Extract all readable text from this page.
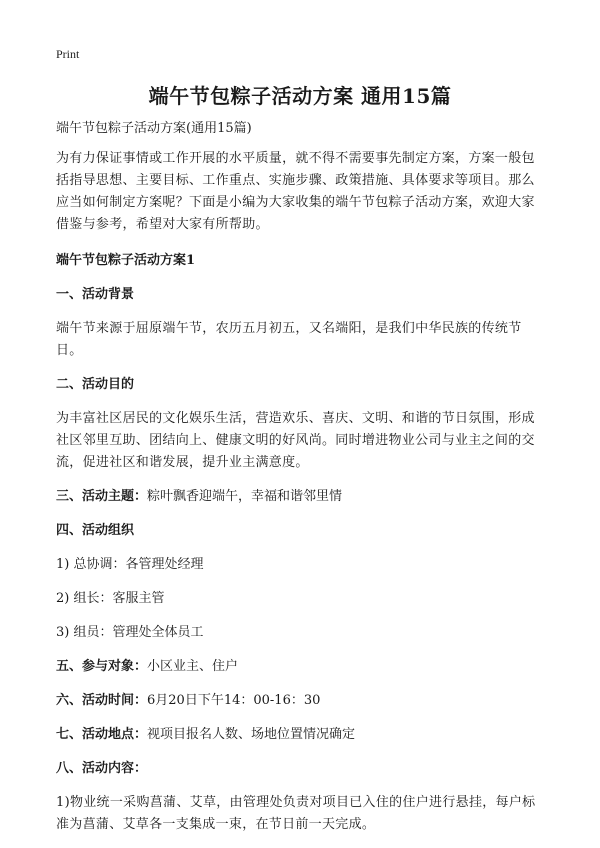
Print
端午节包粽子活动方案 通用15篇

端午节包粽子活动方案(通用15篇)

为有力保证事情或工作开展的水平质量，就不得不需要事先制定方案，方案一般包括指导思想、主要目标、工作重点、实施步骤、政策措施、具体要求等项目。那么应当如何制定方案呢？下面是小编为大家收集的端午节包粽子活动方案，欢迎大家借鉴与参考，希望对大家有所帮助。

端午节包粽子活动方案1

一、活动背景

端午节来源于屈原端午节，农历五月初五，又名端阳，是我们中华民族的传统节日。

二、活动目的

为丰富社区居民的文化娱乐生活，营造欢乐、喜庆、文明、和谐的节日氛围，形成社区邻里互助、团结向上、健康文明的好风尚。同时增进物业公司与业主之间的交流，促进社区和谐发展，提升业主满意度。

三、活动主题：粽叶飘香迎端午，幸福和谐邻里情

四、活动组织

1) 总协调：各管理处经理

2) 组长：客服主管

3) 组员：管理处全体员工

五、参与对象：小区业主、住户

六、活动时间：6月20日下午14：00-16：30

七、活动地点：视项目报名人数、场地位置情况确定

八、活动内容：

1)物业统一采购菖蒲、艾草，由管理处负责对项目已入住的住户进行悬挂，每户标准为菖蒲、艾草各一支集成一束，在节日前一天完成。
